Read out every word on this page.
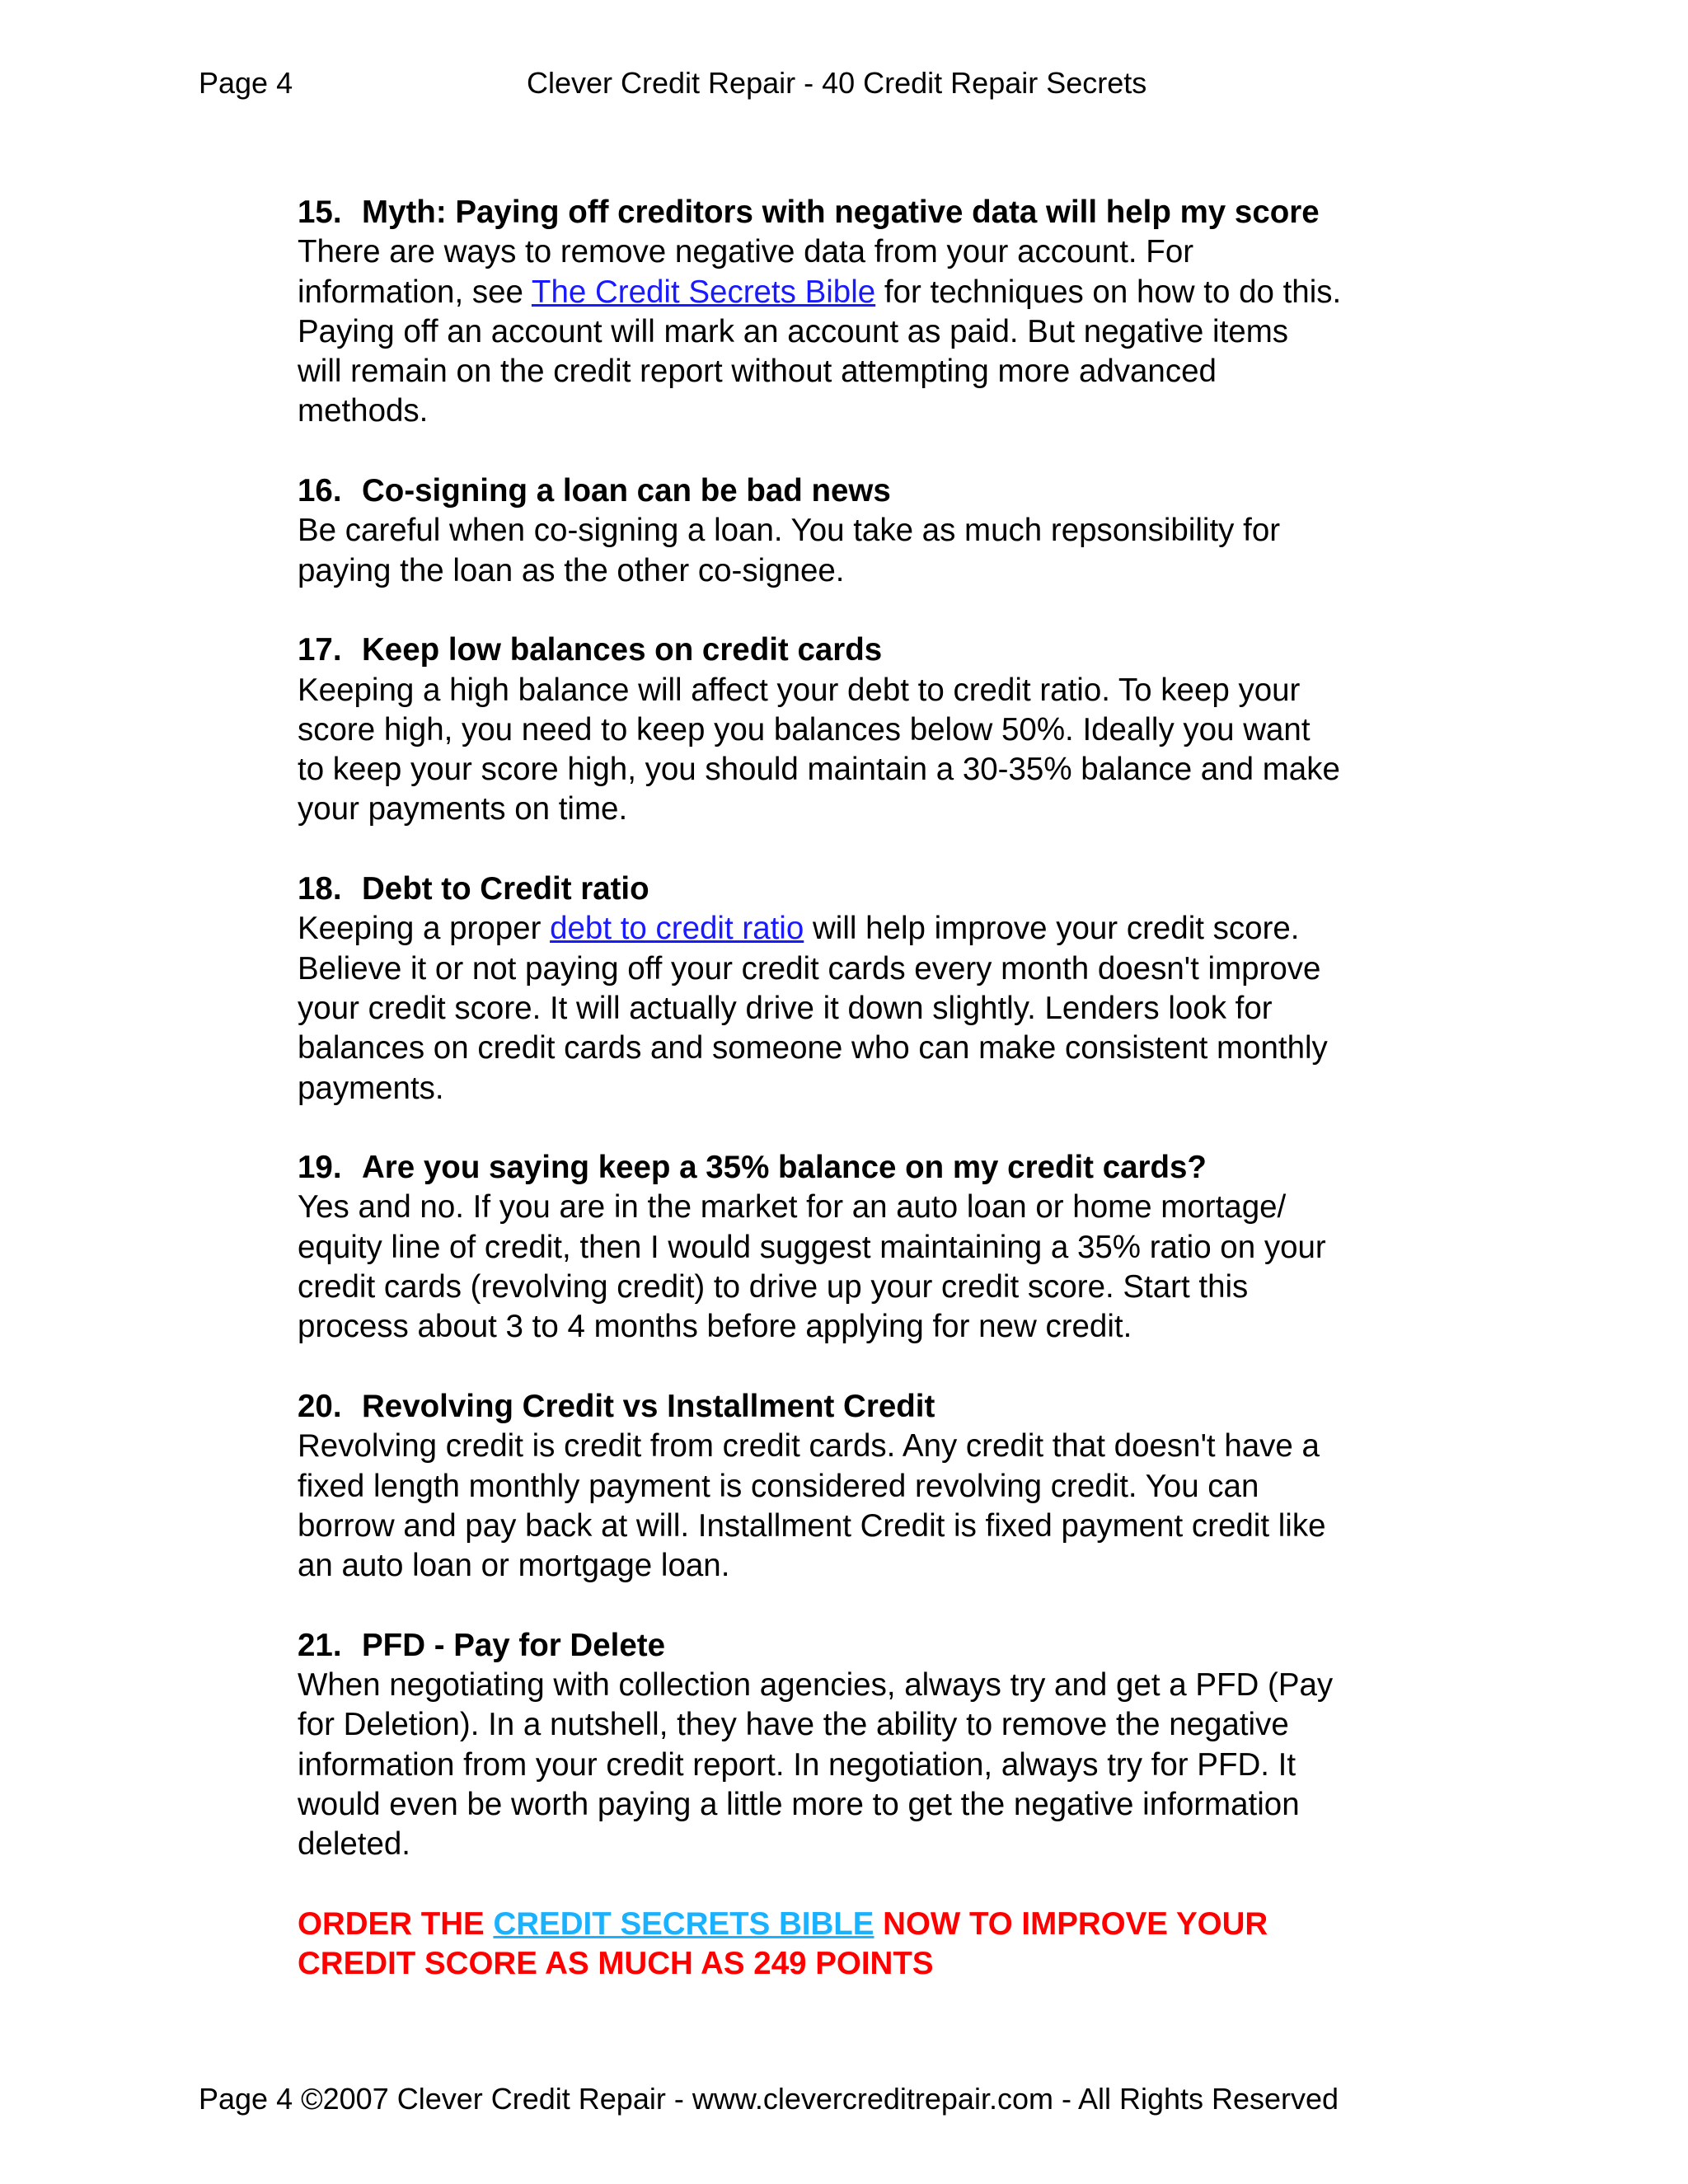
Page 4	Clever Credit Repair - 40 Credit Repair Secrets

15. Myth: Paying off creditors with negative data will help my score

There are ways to remove negative data from your account. For
information, see The Credit Secrets Bible for techniques on how to do this.
Paying off an account will mark an account as paid. But negative items
will remain on the credit report without attempting more advanced
methods.

16. Co-signing a loan can be bad news

Be careful when co-signing a loan. You take as much repsonsibility for
paying the loan as the other co-signee.

17. Keep low balances on credit cards

Keeping a high balance will affect your debt to credit ratio. To keep your
score high, you need to keep you balances below 50%. Ideally you want
to keep your score high, you should maintain a 30-35% balance and make
your payments on time.

18. Debt to Credit ratio

Keeping a proper debt to credit ratio will help improve your credit score.
Believe it or not paying off your credit cards every month doesn't improve
your credit score. It will actually drive it down slightly. Lenders look for
balances on credit cards and someone who can make consistent monthly
payments.

19. Are you saying keep a 35% balance on my credit cards?

Yes and no. If you are in the market for an auto loan or home mortage/
equity line of credit, then I would suggest maintaining a 35% ratio on your
credit cards (revolving credit) to drive up your credit score. Start this
process about 3 to 4 months before applying for new credit.

20. Revolving Credit vs Installment Credit

Revolving credit is credit from credit cards. Any credit that doesn't have a
fixed length monthly payment is considered revolving credit. You can
borrow and pay back at will. Installment Credit is fixed payment credit like
an auto loan or mortgage loan.

21. PFD - Pay for Delete

When negotiating with collection agencies, always try and get a PFD (Pay
for Deletion). In a nutshell, they have the ability to remove the negative
information from your credit report. In negotiation, always try for PFD. It
would even be worth paying a little more to get the negative information
deleted.

ORDER THE CREDIT SECRETS BIBLE NOW TO IMPROVE YOUR
CREDIT SCORE AS MUCH AS 249 POINTS

Page 4 ©2007 Clever Credit Repair - www.clevercreditrepair.com - All Rights Reserved
